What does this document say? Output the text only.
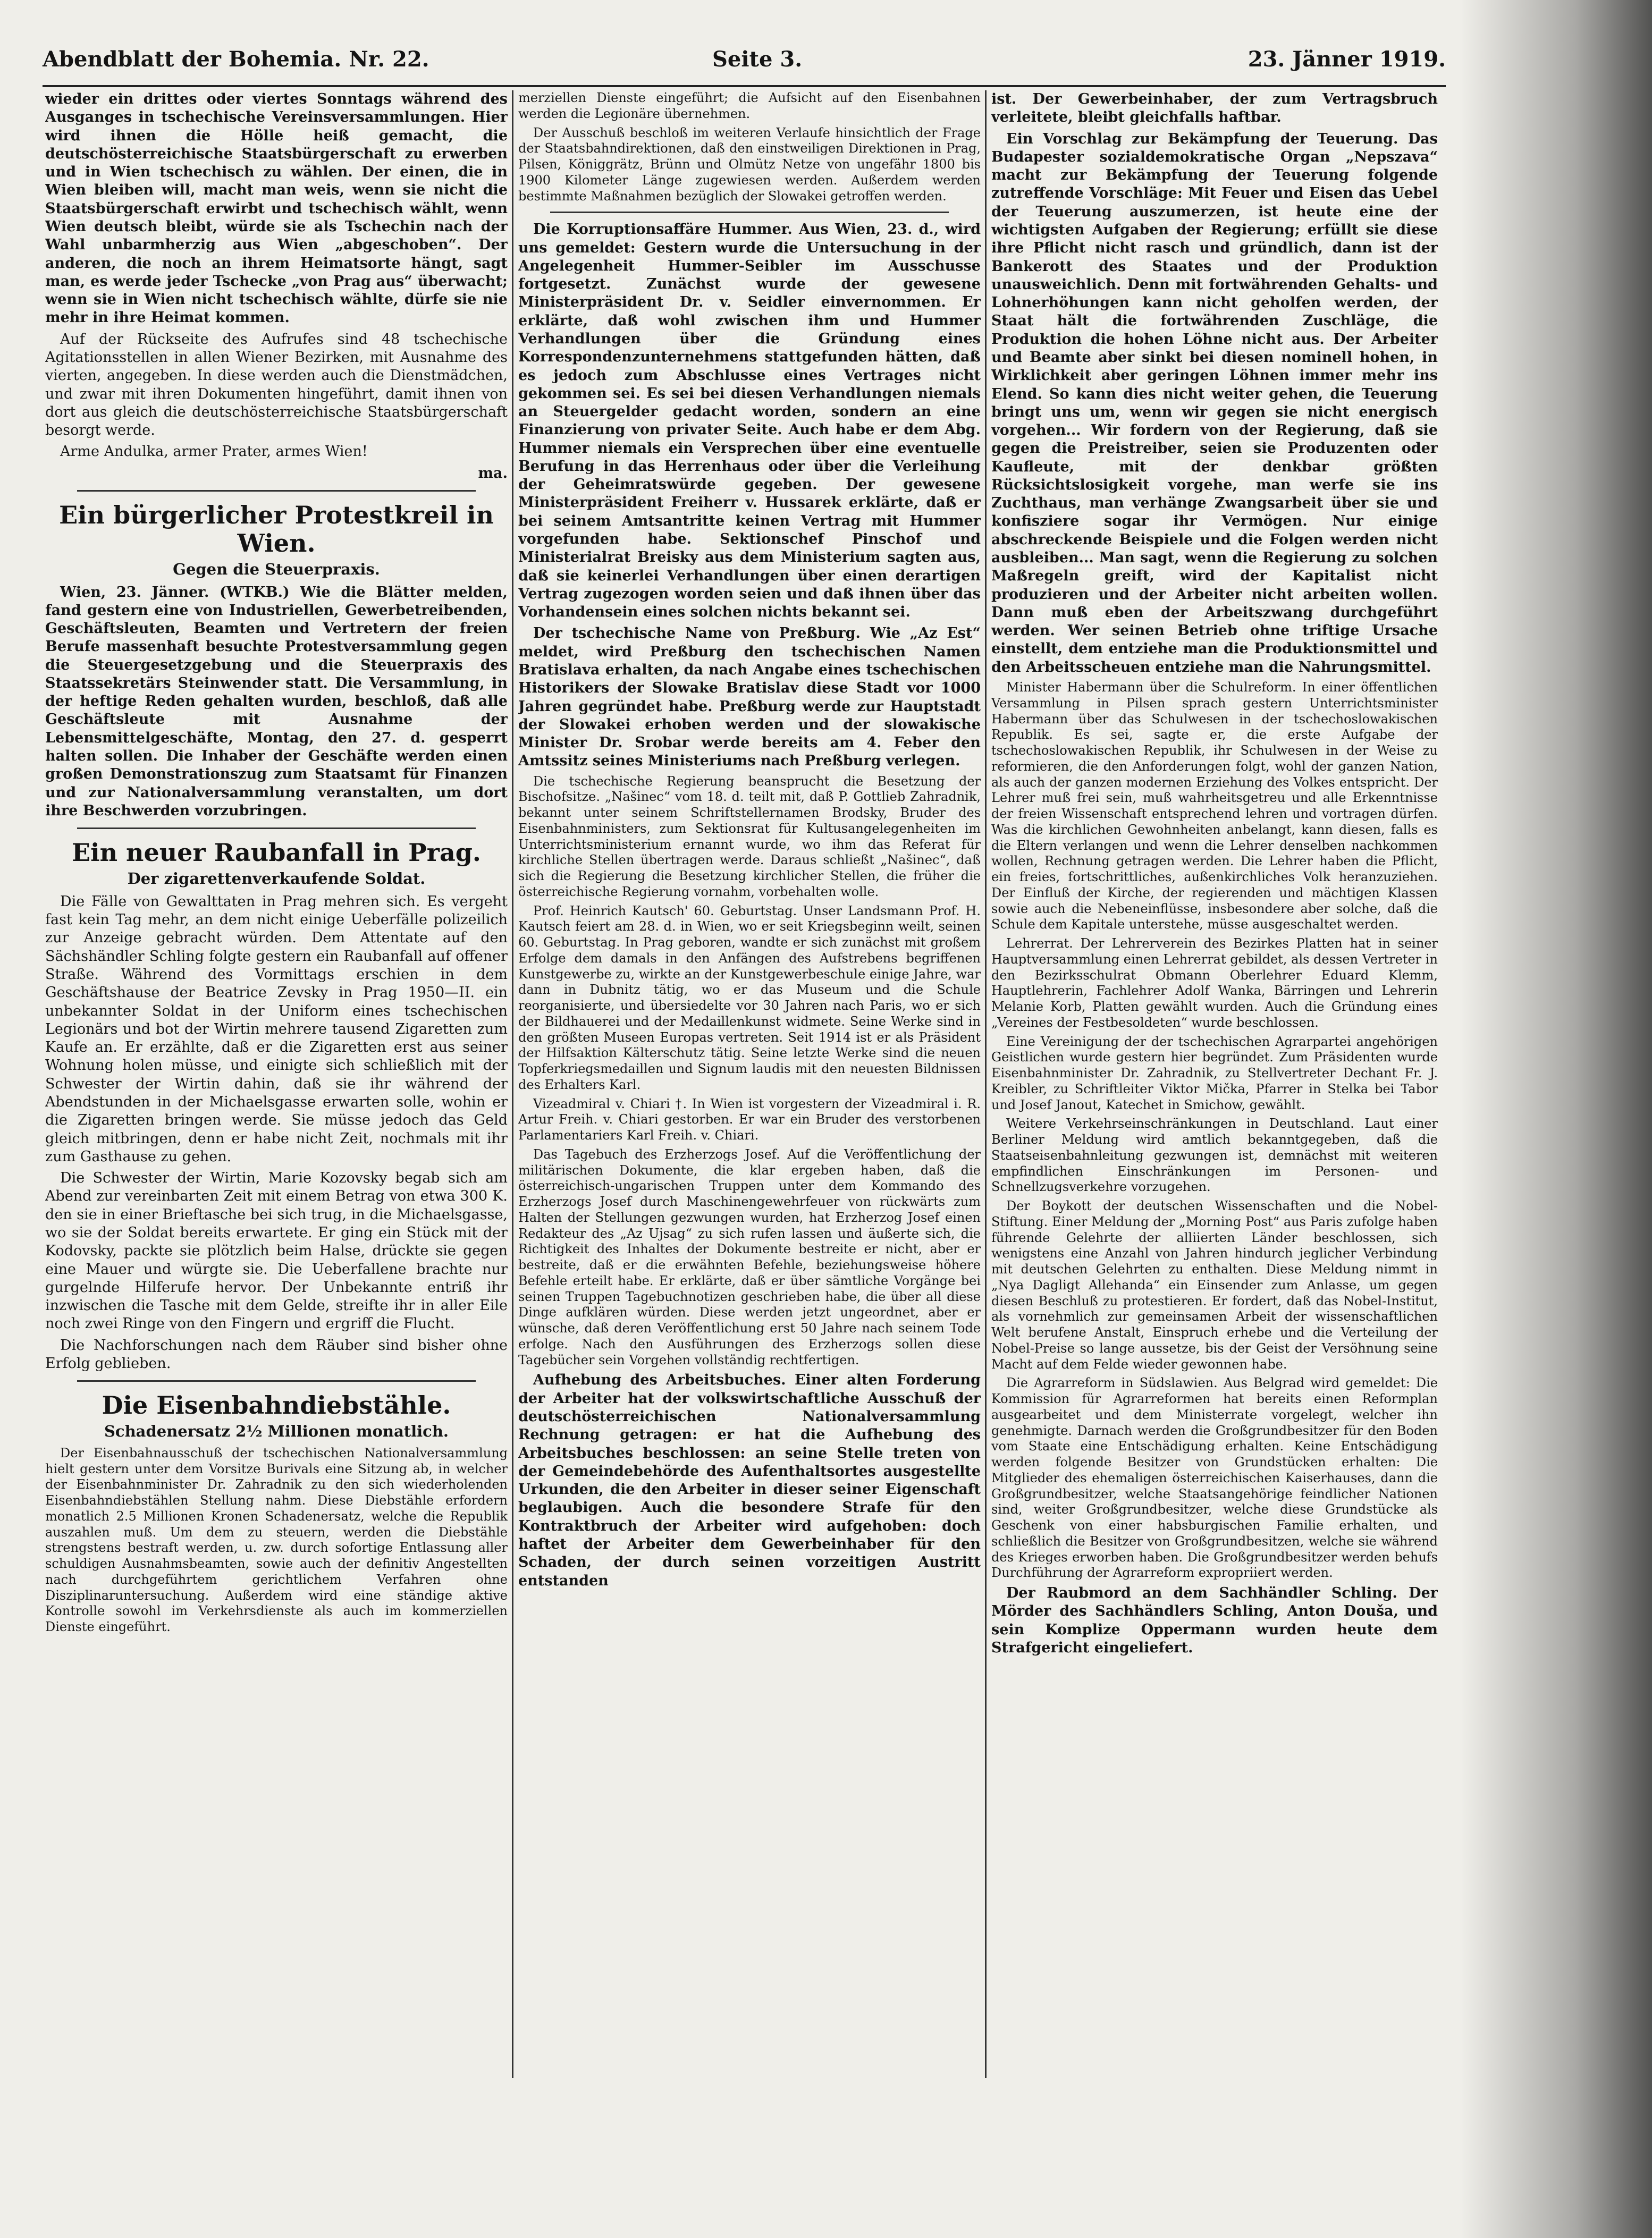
Abendblatt der Bohemia. Nr. 22.	Seite 3.	23. Jänner 1919.

wieder ein drittes oder viertes Sonntags während des Ausganges in tschechische Vereinsversammlungen. Hier wird ihnen die Hölle heiß gemacht, die deutschösterreichische Staatsbürgerschaft zu erwerben und in Wien tschechisch zu wählen. Der einen, die in Wien bleiben will, macht man weis, wenn sie nicht die Staatsbürgerschaft erwirbt und tschechisch wählt, wenn Wien deutsch bleibt, würde sie als Tschechin nach der Wahl unbarmherzig aus Wien „abgeschoben“. Der anderen, die noch an ihrem Heimatsorte hängt, sagt man, es werde jeder Tschecke „von Prag aus“ überwacht; wenn sie in Wien nicht tschechisch wählte, dürfe sie nie mehr in ihre Heimat kommen.

Auf der Rückseite des Aufrufes sind 48 tschechische Agitationsstellen in allen Wiener Bezirken, mit Ausnahme des vierten, angegeben. In diese werden auch die Dienstmädchen, und zwar mit ihren Dokumenten hingeführt, damit ihnen von dort aus gleich die deutschösterreichische Staatsbürgerschaft besorgt werde.

Arme Andulka, armer Prater, armes Wien!

ma.

Ein bürgerlicher Protestkreil in Wien.
Gegen die Steuerpraxis.

Wien, 23. Jänner. (WTKB.) Wie die Blätter melden, fand gestern eine von Industriellen, Gewerbetreibenden, Geschäftsleuten, Beamten und Vertretern der freien Berufe massenhaft besuchte Protestversammlung gegen die Steuergesetzgebung und die Steuerpraxis des Staatssekretärs Steinwender statt. Die Versammlung, in der heftige Reden gehalten wurden, beschloß, daß alle Geschäftsleute mit Ausnahme der Lebensmittelgeschäfte, Montag, den 27. d. gesperrt halten sollen. Die Inhaber der Geschäfte werden einen großen Demonstrationszug zum Staatsamt für Finanzen und zur Nationalversammlung veranstalten, um dort ihre Beschwerden vorzubringen.

Ein neuer Raubanfall in Prag.
Der zigarettenverkaufende Soldat.

Die Fälle von Gewalttaten in Prag mehren sich. Es vergeht fast kein Tag mehr, an dem nicht einige Ueberfälle polizeilich zur Anzeige gebracht würden. Dem Attentate auf den Sächshändler Schling folgte gestern ein Raubanfall auf offener Straße. Während des Vormittags erschien in dem Geschäftshause der Beatrice Zevsky in Prag 1950—II. ein unbekannter Soldat in der Uniform eines tschechischen Legionärs und bot der Wirtin mehrere tausend Zigaretten zum Kaufe an. Er erzählte, daß er die Zigaretten erst aus seiner Wohnung holen müsse, und einigte sich schließlich mit der Schwester der Wirtin dahin, daß sie ihr während der Abendstunden in der Michaelsgasse erwarten solle, wohin er die Zigaretten bringen werde. Sie müsse jedoch das Geld gleich mitbringen, denn er habe nicht Zeit, nochmals mit ihr zum Gasthause zu gehen.

Die Schwester der Wirtin, Marie Kozovsky begab sich am Abend zur vereinbarten Zeit mit einem Betrag von etwa 300 K. den sie in einer Brieftasche bei sich trug, in die Michaelsgasse, wo sie der Soldat bereits erwartete. Er ging ein Stück mit der Kodovsky, packte sie plötzlich beim Halse, drückte sie gegen eine Mauer und würgte sie. Die Ueberfallene brachte nur gurgelnde Hilferufe hervor. Der Unbekannte entriß ihr inzwischen die Tasche mit dem Gelde, streifte ihr in aller Eile noch zwei Ringe von den Fingern und ergriff die Flucht.

Die Nachforschungen nach dem Räuber sind bisher ohne Erfolg geblieben.

Die Eisenbahndiebstähle.
Schadenersatz 2½ Millionen monatlich.

Der Eisenbahnausschuß der tschechischen Nationalversammlung hielt gestern unter dem Vorsitze Burivals eine Sitzung ab, in welcher der Eisenbahnminister Dr. Zahradnik zu den sich wiederholenden Eisenbahndiebstählen Stellung nahm. Diese Diebstähle erfordern monatlich 2.5 Millionen Kronen Schadenersatz, welche die Republik auszahlen muß. Um dem zu steuern, werden die Diebstähle strengstens bestraft werden, u. zw. durch sofortige Entlassung aller schuldigen Ausnahmsbeamten, sowie auch der definitiv Angestellten nach durchgeführtem gerichtlichem Verfahren ohne Disziplinaruntersuchung. Außerdem wird eine ständige aktive Kontrolle sowohl im Verkehrsdienste als auch im kommerziellen Dienste eingeführt.

merziellen Dienste eingeführt; die Aufsicht auf den Eisenbahnen werden die Legionäre übernehmen.

Der Ausschuß beschloß im weiteren Verlaufe hinsichtlich der Frage der Staatsbahndirektionen, daß den einstweiligen Direktionen in Prag, Pilsen, Königgrätz, Brünn und Olmütz Netze von ungefähr 1800 bis 1900 Kilometer Länge zugewiesen werden. Außerdem werden bestimmte Maßnahmen bezüglich der Slowakei getroffen werden.

Die Korruptionsaffäre Hummer. Aus Wien, 23. d., wird uns gemeldet: Gestern wurde die Untersuchung in der Angelegenheit Hummer-Seibler im Ausschusse fortgesetzt. Zunächst wurde der gewesene Ministerpräsident Dr. v. Seidler einvernommen. Er erklärte, daß wohl zwischen ihm und Hummer Verhandlungen über die Gründung eines Korrespondenzunternehmens stattgefunden hätten, daß es jedoch zum Abschlusse eines Vertrages nicht gekommen sei. Es sei bei diesen Verhandlungen niemals an Steuergelder gedacht worden, sondern an eine Finanzierung von privater Seite. Auch habe er dem Abg. Hummer niemals ein Versprechen über eine eventuelle Berufung in das Herrenhaus oder über die Verleihung der Geheimratswürde gegeben. Der gewesene Ministerpräsident Freiherr v. Hussarek erklärte, daß er bei seinem Amtsantritte keinen Vertrag mit Hummer vorgefunden habe. Sektionschef Pinschof und Ministerialrat Breisky aus dem Ministerium sagten aus, daß sie keinerlei Verhandlungen über einen derartigen Vertrag zugezogen worden seien und daß ihnen über das Vorhandensein eines solchen nichts bekannt sei.

Der tschechische Name von Preßburg. Wie „Az Est“ meldet, wird Preßburg den tschechischen Namen Bratislava erhalten, da nach Angabe eines tschechischen Historikers der Slowake Bratislav diese Stadt vor 1000 Jahren gegründet habe. Preßburg werde zur Hauptstadt der Slowakei erhoben werden und der slowakische Minister Dr. Srobar werde bereits am 4. Feber den Amtssitz seines Ministeriums nach Preßburg verlegen.

Die tschechische Regierung beansprucht die Besetzung der Bischofsitze. „Našinec“ vom 18. d. teilt mit, daß P. Gottlieb Zahradnik, bekannt unter seinem Schriftstellernamen Brodsky, Bruder des Eisenbahnministers, zum Sektionsrat für Kultusangelegenheiten im Unterrichtsministerium ernannt wurde, wo ihm das Referat für kirchliche Stellen übertragen werde. Daraus schließt „Našinec“, daß sich die Regierung die Besetzung kirchlicher Stellen, die früher die österreichische Regierung vornahm, vorbehalten wolle.

Prof. Heinrich Kautsch' 60. Geburtstag. Unser Landsmann Prof. H. Kautsch feiert am 28. d. in Wien, wo er seit Kriegsbeginn weilt, seinen 60. Geburtstag. In Prag geboren, wandte er sich zunächst mit großem Erfolge dem damals in den Anfängen des Aufstrebens begriffenen Kunstgewerbe zu, wirkte an der Kunstgewerbeschule einige Jahre, war dann in Dubnitz tätig, wo er das Museum und die Schule reorganisierte, und übersiedelte vor 30 Jahren nach Paris, wo er sich der Bildhauerei und der Medaillenkunst widmete. Seine Werke sind in den größten Museen Europas vertreten. Seit 1914 ist er als Präsident der Hilfsaktion Kälterschutz tätig. Seine letzte Werke sind die neuen Topferkriegsmedaillen und Signum laudis mit den neuesten Bildnissen des Erhalters Karl.

Vizeadmiral v. Chiari †. In Wien ist vorgestern der Vizeadmiral i. R. Artur Freih. v. Chiari gestorben. Er war ein Bruder des verstorbenen Parlamentariers Karl Freih. v. Chiari.

Das Tagebuch des Erzherzogs Josef. Auf die Veröffentlichung der militärischen Dokumente, die klar ergeben haben, daß die österreichisch-ungarischen Truppen unter dem Kommando des Erzherzogs Josef durch Maschinengewehrfeuer von rückwärts zum Halten der Stellungen gezwungen wurden, hat Erzherzog Josef einen Redakteur des „Az Ujsag“ zu sich rufen lassen und äußerte sich, die Richtigkeit des Inhaltes der Dokumente bestreite er nicht, aber er bestreite, daß er die erwähnten Befehle, beziehungsweise höhere Befehle erteilt habe. Er erklärte, daß er über sämtliche Vorgänge bei seinen Truppen Tagebuchnotizen geschrieben habe, die über all diese Dinge aufklären würden. Diese werden jetzt ungeordnet, aber er wünsche, daß deren Veröffentlichung erst 50 Jahre nach seinem Tode erfolge. Nach den Ausführungen des Erzherzogs sollen diese Tagebücher sein Vorgehen vollständig rechtfertigen.

Aufhebung des Arbeitsbuches. Einer alten Forderung der Arbeiter hat der volkswirtschaftliche Ausschuß der deutschösterreichischen Nationalversammlung Rechnung getragen: er hat die Aufhebung des Arbeitsbuches beschlossen: an seine Stelle treten von der Gemeindebehörde des Aufenthaltsortes ausgestellte Urkunden, die den Arbeiter in dieser seiner Eigenschaft beglaubigen. Auch die besondere Strafe für den Kontraktbruch der Arbeiter wird aufgehoben: doch haftet der Arbeiter dem Gewerbeinhaber für den Schaden, der durch seinen vorzeitigen Austritt entstanden

ist. Der Gewerbeinhaber, der zum Vertragsbruch verleitete, bleibt gleichfalls haftbar.

Ein Vorschlag zur Bekämpfung der Teuerung. Das Budapester sozialdemokratische Organ „Nepszava“ macht zur Bekämpfung der Teuerung folgende zutreffende Vorschläge: Mit Feuer und Eisen das Uebel der Teuerung auszumerzen, ist heute eine der wichtigsten Aufgaben der Regierung; erfüllt sie diese ihre Pflicht nicht rasch und gründlich, dann ist der Bankerott des Staates und der Produktion unausweichlich. Denn mit fortwährenden Gehalts- und Lohnerhöhungen kann nicht geholfen werden, der Staat hält die fortwährenden Zuschläge, die Produktion die hohen Löhne nicht aus. Der Arbeiter und Beamte aber sinkt bei diesen nominell hohen, in Wirklichkeit aber geringen Löhnen immer mehr ins Elend. So kann dies nicht weiter gehen, die Teuerung bringt uns um, wenn wir gegen sie nicht energisch vorgehen... Wir fordern von der Regierung, daß sie gegen die Preistreiber, seien sie Produzenten oder Kaufleute, mit der denkbar größten Rücksichtslosigkeit vorgehe, man werfe sie ins Zuchthaus, man verhänge Zwangsarbeit über sie und konfisziere sogar ihr Vermögen. Nur einige abschreckende Beispiele und die Folgen werden nicht ausbleiben... Man sagt, wenn die Regierung zu solchen Maßregeln greift, wird der Kapitalist nicht produzieren und der Arbeiter nicht arbeiten wollen. Dann muß eben der Arbeitszwang durchgeführt werden. Wer seinen Betrieb ohne triftige Ursache einstellt, dem entziehe man die Produktionsmittel und den Arbeitsscheuen entziehe man die Nahrungsmittel.

Minister Habermann über die Schulreform. In einer öffentlichen Versammlung in Pilsen sprach gestern Unterrichtsminister Habermann über das Schulwesen in der tschechoslowakischen Republik. Es sei, sagte er, die erste Aufgabe der tschechoslowakischen Republik, ihr Schulwesen in der Weise zu reformieren, die den Anforderungen folgt, wohl der ganzen Nation, als auch der ganzen modernen Erziehung des Volkes entspricht. Der Lehrer muß frei sein, muß wahrheitsgetreu und alle Erkenntnisse der freien Wissenschaft entsprechend lehren und vortragen dürfen. Was die kirchlichen Gewohnheiten anbelangt, kann diesen, falls es die Eltern verlangen und wenn die Lehrer denselben nachkommen wollen, Rechnung getragen werden. Die Lehrer haben die Pflicht, ein freies, fortschrittliches, außenkirchliches Volk heranzuziehen. Der Einfluß der Kirche, der regierenden und mächtigen Klassen sowie auch die Nebeneinflüsse, insbesondere aber solche, daß die Schule dem Kapitale unterstehe, müsse ausgeschaltet werden.

Lehrerrat. Der Lehrerverein des Bezirkes Platten hat in seiner Hauptversammlung einen Lehrerrat gebildet, als dessen Vertreter in den Bezirksschulrat Obmann Oberlehrer Eduard Klemm, Hauptlehrerin, Fachlehrer Adolf Wanka, Bärringen und Lehrerin Melanie Korb, Platten gewählt wurden. Auch die Gründung eines „Vereines der Festbesoldeten“ wurde beschlossen.

Eine Vereinigung der der tschechischen Agrarpartei angehörigen Geistlichen wurde gestern hier begründet. Zum Präsidenten wurde Eisenbahnminister Dr. Zahradnik, zu Stellvertreter Dechant Fr. J. Kreibler, zu Schriftleiter Viktor Mička, Pfarrer in Stelka bei Tabor und Josef Janout, Katechet in Smichow, gewählt.

Weitere Verkehrseinschränkungen in Deutschland. Laut einer Berliner Meldung wird amtlich bekanntgegeben, daß die Staatseisenbahnleitung gezwungen ist, demnächst mit weiteren empfindlichen Einschränkungen im Personen- und Schnellzugsverkehre vorzugehen.

Der Boykott der deutschen Wissenschaften und die Nobel-Stiftung. Einer Meldung der „Morning Post“ aus Paris zufolge haben führende Gelehrte der alliierten Länder beschlossen, sich wenigstens eine Anzahl von Jahren hindurch jeglicher Verbindung mit deutschen Gelehrten zu enthalten. Diese Meldung nimmt in „Nya Dagligt Allehanda“ ein Einsender zum Anlasse, um gegen diesen Beschluß zu protestieren. Er fordert, daß das Nobel-Institut, als vornehmlich zur gemeinsamen Arbeit der wissenschaftlichen Welt berufene Anstalt, Einspruch erhebe und die Verteilung der Nobel-Preise so lange aussetze, bis der Geist der Versöhnung seine Macht auf dem Felde wieder gewonnen habe.

Die Agrarreform in Südslawien. Aus Belgrad wird gemeldet: Die Kommission für Agrarreformen hat bereits einen Reformplan ausgearbeitet und dem Ministerrate vorgelegt, welcher ihn genehmigte. Darnach werden die Großgrundbesitzer für den Boden vom Staate eine Entschädigung erhalten. Keine Entschädigung werden folgende Besitzer von Grundstücken erhalten: Die Mitglieder des ehemaligen österreichischen Kaiserhauses, dann die Großgrundbesitzer, welche Staatsangehörige feindlicher Nationen sind, weiter Großgrundbesitzer, welche diese Grundstücke als Geschenk von einer habsburgischen Familie erhalten, und schließlich die Besitzer von Großgrundbesitzen, welche sie während des Krieges erworben haben. Die Großgrundbesitzer werden behufs Durchführung der Agrarreform expropriiert werden.

Der Raubmord an dem Sachhändler Schling. Der Mörder des Sachhändlers Schling, Anton Douša, und sein Komplize Oppermann wurden heute dem Strafgericht eingeliefert.
